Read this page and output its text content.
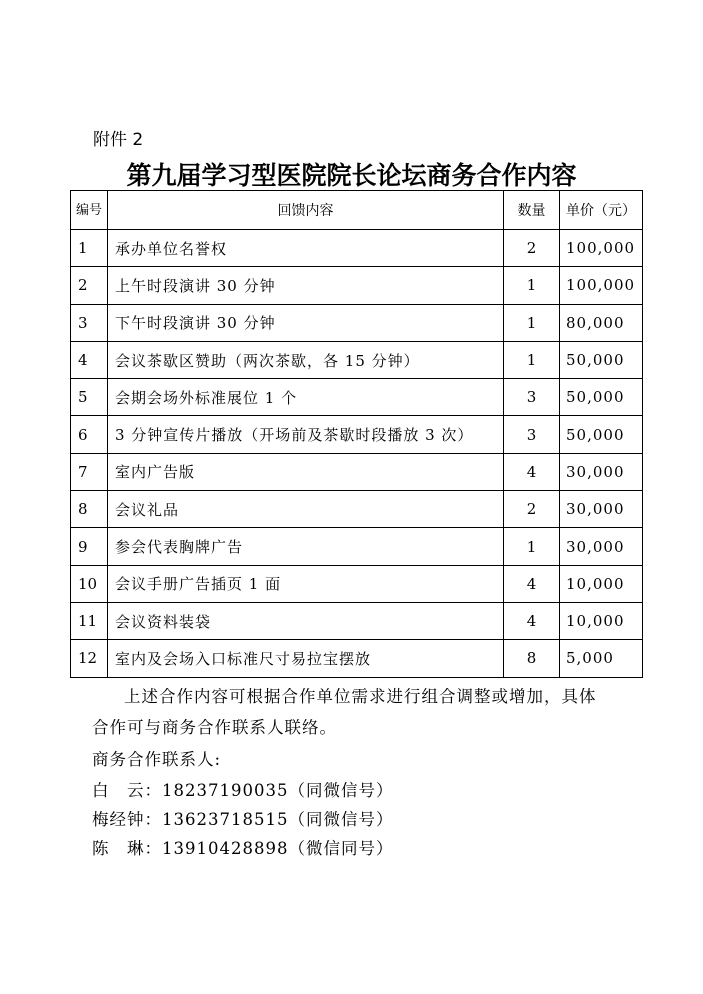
附件 2
第九届学习型医院院长论坛商务合作内容
编号	回馈内容	数量	单价（元）
1	承办单位名誉权	2	100,000
2	上午时段演讲 30 分钟	1	100,000
3	下午时段演讲 30 分钟	1	80,000
4	会议茶歇区赞助（两次茶歇，各 15 分钟）	1	50,000
5	会期会场外标准展位 1 个	3	50,000
6	3 分钟宣传片播放（开场前及茶歇时段播放 3 次）	3	50,000
7	室内广告版	4	30,000
8	会议礼品	2	30,000
9	参会代表胸牌广告	1	30,000
10	会议手册广告插页 1 面	4	10,000
11	会议资料装袋	4	10,000
12	室内及会场入口标准尺寸易拉宝摆放	8	5,000
上述合作内容可根据合作单位需求进行组合调整或增加，具体合作可与商务合作联系人联络。
商务合作联系人:
白　云：18237190035（同微信号）
梅经钟：13623718515（同微信号）
陈　琳：13910428898（微信同号）
